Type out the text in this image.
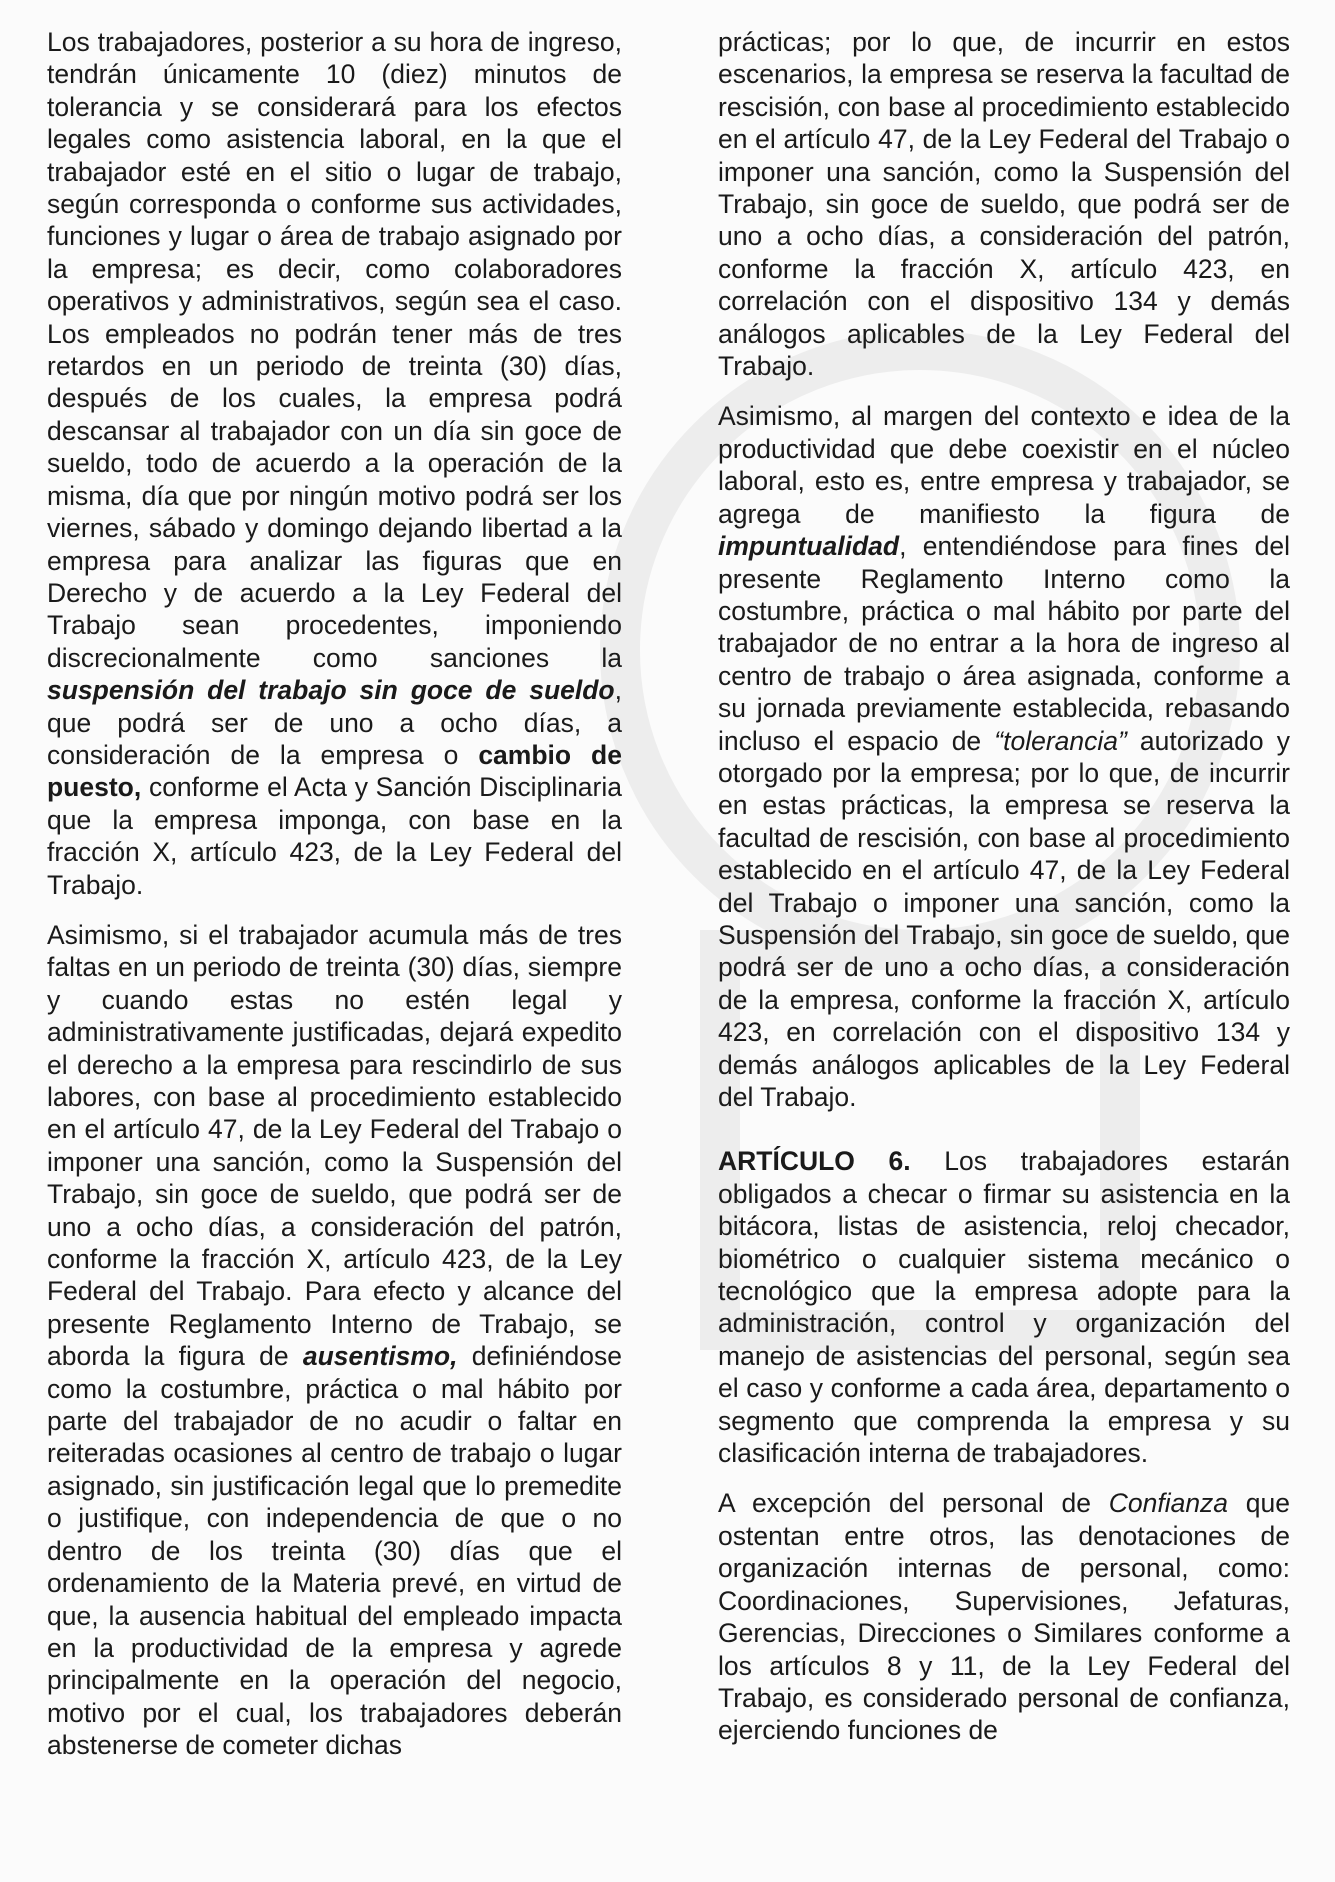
Los trabajadores, posterior a su hora de ingreso, tendrán únicamente 10 (diez) minutos de tolerancia y se considerará para los efectos legales como asistencia laboral, en la que el trabajador esté en el sitio o lugar de trabajo, según corresponda o conforme sus actividades, funciones y lugar o área de trabajo asignado por la empresa; es decir, como colaboradores operativos y administrativos, según sea el caso. Los empleados no podrán tener más de tres retardos en un periodo de treinta (30) días, después de los cuales, la empresa podrá descansar al trabajador con un día sin goce de sueldo, todo de acuerdo a la operación de la misma, día que por ningún motivo podrá ser los viernes, sábado y domingo dejando libertad a la empresa para analizar las figuras que en Derecho y de acuerdo a la Ley Federal del Trabajo sean procedentes, imponiendo discrecionalmente como sanciones la suspensión del trabajo sin goce de sueldo, que podrá ser de uno a ocho días, a consideración de la empresa o cambio de puesto, conforme el Acta y Sanción Disciplinaria que la empresa imponga, con base en la fracción X, artículo 423, de la Ley Federal del Trabajo.

Asimismo, si el trabajador acumula más de tres faltas en un periodo de treinta (30) días, siempre y cuando estas no estén legal y administrativamente justificadas, dejará expedito el derecho a la empresa para rescindirlo de sus labores, con base al procedimiento establecido en el artículo 47, de la Ley Federal del Trabajo o imponer una sanción, como la Suspensión del Trabajo, sin goce de sueldo, que podrá ser de uno a ocho días, a consideración del patrón, conforme la fracción X, artículo 423, de la Ley Federal del Trabajo. Para efecto y alcance del presente Reglamento Interno de Trabajo, se aborda la figura de ausentismo, definiéndose como la costumbre, práctica o mal hábito por parte del trabajador de no acudir o faltar en reiteradas ocasiones al centro de trabajo o lugar asignado, sin justificación legal que lo premedite o justifique, con independencia de que o no dentro de los treinta (30) días que el ordenamiento de la Materia prevé, en virtud de que, la ausencia habitual del empleado impacta en la productividad de la empresa y agrede principalmente en la operación del negocio, motivo por el cual, los trabajadores deberán abstenerse de cometer dichas

prácticas; por lo que, de incurrir en estos escenarios, la empresa se reserva la facultad de rescisión, con base al procedimiento establecido en el artículo 47, de la Ley Federal del Trabajo o imponer una sanción, como la Suspensión del Trabajo, sin goce de sueldo, que podrá ser de uno a ocho días, a consideración del patrón, conforme la fracción X, artículo 423, en correlación con el dispositivo 134 y demás análogos aplicables de la Ley Federal del Trabajo.

Asimismo, al margen del contexto e idea de la productividad que debe coexistir en el núcleo laboral, esto es, entre empresa y trabajador, se agrega de manifiesto la figura de impuntualidad, entendiéndose para fines del presente Reglamento Interno como la costumbre, práctica o mal hábito por parte del trabajador de no entrar a la hora de ingreso al centro de trabajo o área asignada, conforme a su jornada previamente establecida, rebasando incluso el espacio de “tolerancia” autorizado y otorgado por la empresa; por lo que, de incurrir en estas prácticas, la empresa se reserva la facultad de rescisión, con base al procedimiento establecido en el artículo 47, de la Ley Federal del Trabajo o imponer una sanción, como la Suspensión del Trabajo, sin goce de sueldo, que podrá ser de uno a ocho días, a consideración de la empresa, conforme la fracción X, artículo 423, en correlación con el dispositivo 134 y demás análogos aplicables de la Ley Federal del Trabajo.

ARTÍCULO 6. Los trabajadores estarán obligados a checar o firmar su asistencia en la bitácora, listas de asistencia, reloj checador, biométrico o cualquier sistema mecánico o tecnológico que la empresa adopte para la administración, control y organización del manejo de asistencias del personal, según sea el caso y conforme a cada área, departamento o segmento que comprenda la empresa y su clasificación interna de trabajadores.

A excepción del personal de Confianza que ostentan entre otros, las denotaciones de organización internas de personal, como: Coordinaciones, Supervisiones, Jefaturas, Gerencias, Direcciones o Similares conforme a los artículos 8 y 11, de la Ley Federal del Trabajo, es considerado personal de confianza, ejerciendo funciones de
